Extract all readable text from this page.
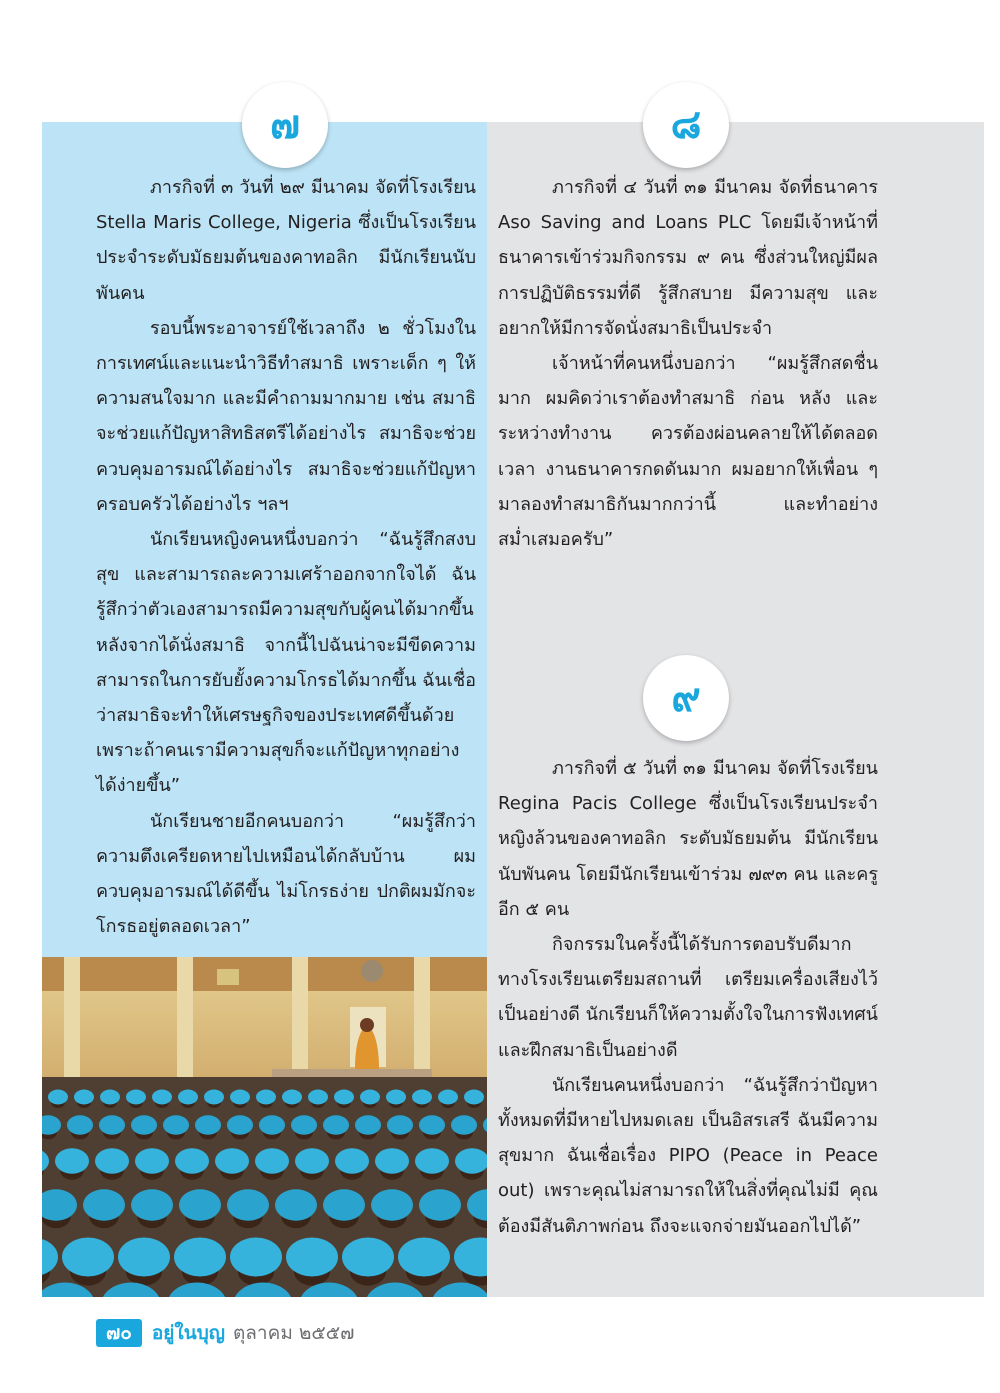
๗	๘
๙

ภารกิจที่ ๓ วันที่ ๒๙ มีนาคม จัดที่โรงเรียน Stella Maris College, Nigeria ซึ่งเป็นโรงเรียนประจำระดับมัธยมต้นของคาทอลิก มีนักเรียนนับพันคน

รอบนี้พระอาจารย์ใช้เวลาถึง ๒ ชั่วโมงในการเทศน์และแนะนำวิธีทำสมาธิ เพราะเด็ก ๆ ให้ความสนใจมาก และมีคำถามมากมาย เช่น สมาธิจะช่วยแก้ปัญหาสิทธิสตรีได้อย่างไร สมาธิจะช่วยควบคุมอารมณ์ได้อย่างไร สมาธิจะช่วยแก้ปัญหาครอบครัวได้อย่างไร ฯลฯ

นักเรียนหญิงคนหนึ่งบอกว่า “ฉันรู้สึกสงบสุข และสามารถละความเศร้าออกจากใจได้ ฉันรู้สึกว่าตัวเองสามารถมีความสุขกับผู้คนได้มากขึ้นหลังจากได้นั่งสมาธิ จากนี้ไปฉันน่าจะมีขีดความสามารถในการยับยั้งความโกรธได้มากขึ้น ฉันเชื่อว่าสมาธิจะทำให้เศรษฐกิจของประเทศดีขึ้นด้วย เพราะถ้าคนเรามีความสุขก็จะแก้ปัญหาทุกอย่างได้ง่ายขึ้น”

นักเรียนชายอีกคนบอกว่า “ผมรู้สึกว่าความตึงเครียดหายไปเหมือนได้กลับบ้าน ผมควบคุมอารมณ์ได้ดีขึ้น ไม่โกรธง่าย ปกติผมมักจะโกรธอยู่ตลอดเวลา”

ภารกิจที่ ๔ วันที่ ๓๑ มีนาคม จัดที่ธนาคาร Aso Saving and Loans PLC โดยมีเจ้าหน้าที่ธนาคารเข้าร่วมกิจกรรม ๙ คน ซึ่งส่วนใหญ่มีผลการปฏิบัติธรรมที่ดี รู้สึกสบาย มีความสุข และอยากให้มีการจัดนั่งสมาธิเป็นประจำ

เจ้าหน้าที่คนหนึ่งบอกว่า “ผมรู้สึกสดชื่นมาก ผมคิดว่าเราต้องทำสมาธิ ก่อน หลัง และระหว่างทำงาน ควรต้องผ่อนคลายให้ได้ตลอดเวลา งานธนาคารกดดันมาก ผมอยากให้เพื่อน ๆ มาลองทำสมาธิกันมากกว่านี้ และทำอย่างสม่ำเสมอครับ”

ภารกิจที่ ๕ วันที่ ๓๑ มีนาคม จัดที่โรงเรียน Regina Pacis College ซึ่งเป็นโรงเรียนประจำหญิงล้วนของคาทอลิก ระดับมัธยมต้น มีนักเรียนนับพันคน โดยมีนักเรียนเข้าร่วม ๗๙๓ คน และครูอีก ๕ คน

กิจกรรมในครั้งนี้ได้รับการตอบรับดีมาก ทางโรงเรียนเตรียมสถานที่ เตรียมเครื่องเสียงไว้เป็นอย่างดี นักเรียนก็ให้ความตั้งใจในการฟังเทศน์และฝึกสมาธิเป็นอย่างดี

นักเรียนคนหนึ่งบอกว่า “ฉันรู้สึกว่าปัญหาทั้งหมดที่มีหายไปหมดเลย เป็นอิสรเสรี ฉันมีความสุขมาก ฉันเชื่อเรื่อง PIPO (Peace in Peace out) เพราะคุณไม่สามารถให้ในสิ่งที่คุณไม่มี คุณต้องมีสันติภาพก่อน ถึงจะแจกจ่ายมันออกไปได้”

๗๐	อยู่ในบุญ ตุลาคม ๒๕๕๗
